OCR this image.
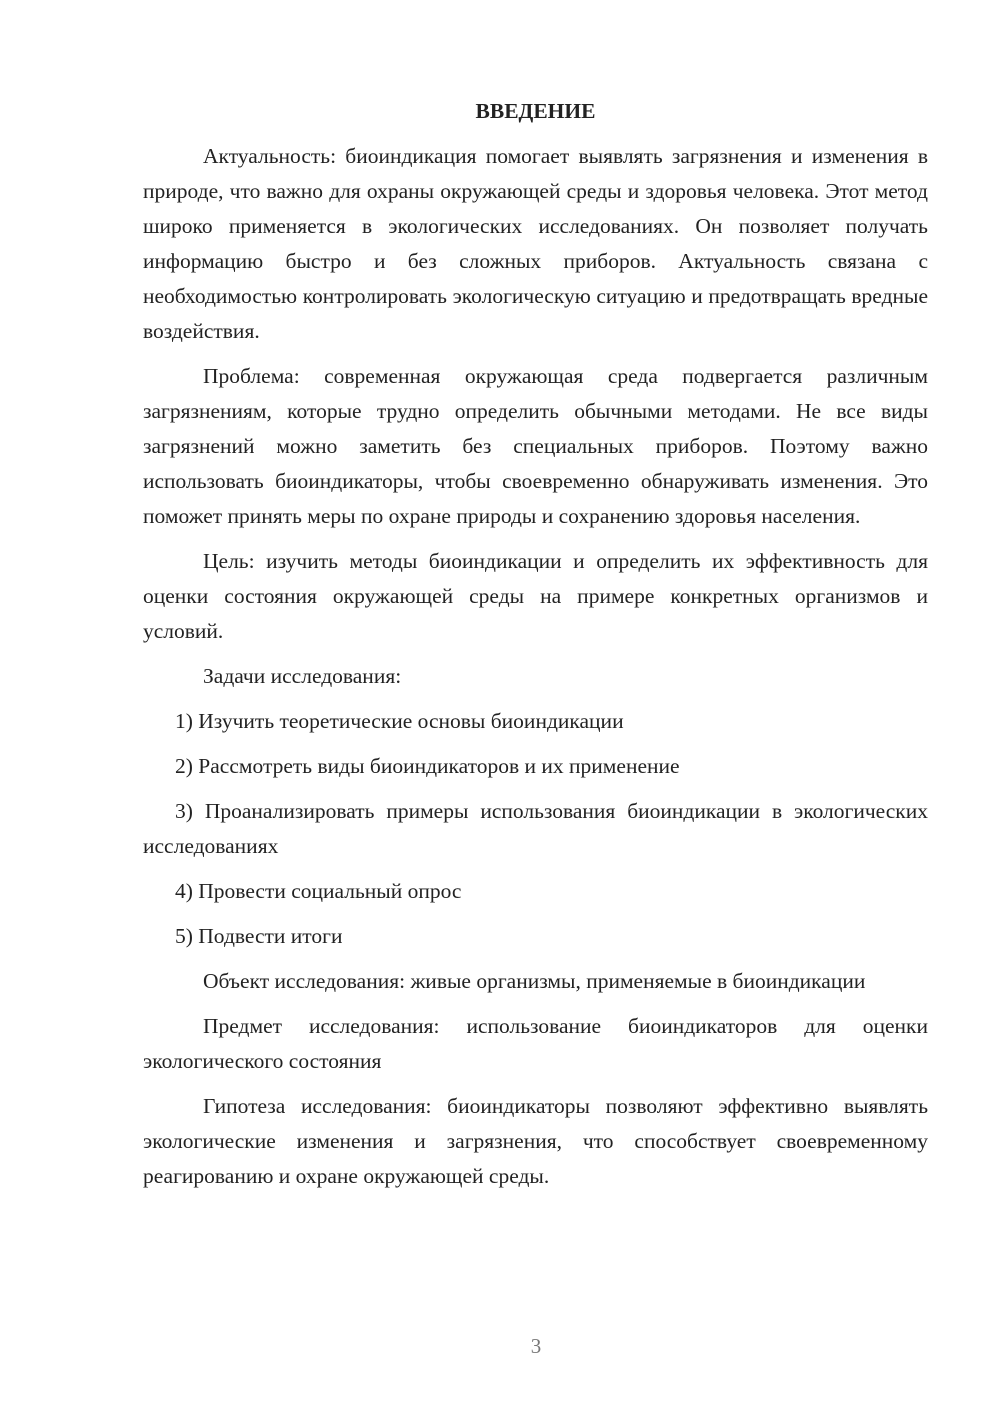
ВВЕДЕНИЕ

Актуальность: биоиндикация помогает выявлять загрязнения и изменения в природе, что важно для охраны окружающей среды и здоровья человека. Этот метод широко применяется в экологических исследованиях. Он позволяет получать информацию быстро и без сложных приборов. Актуальность связана с необходимостью контролировать экологическую ситуацию и предотвращать вредные воздействия.

Проблема: современная окружающая среда подвергается различным загрязнениям, которые трудно определить обычными методами. Не все виды загрязнений можно заметить без специальных приборов. Поэтому важно использовать биоиндикаторы, чтобы своевременно обнаруживать изменения. Это поможет принять меры по охране природы и сохранению здоровья населения.

Цель: изучить методы биоиндикации и определить их эффективность для оценки состояния окружающей среды на примере конкретных организмов и условий.

Задачи исследования:

1) Изучить теоретические основы биоиндикации

2) Рассмотреть виды биоиндикаторов и их применение

3) Проанализировать примеры использования биоиндикации в экологических исследованиях

4) Провести социальный опрос

5) Подвести итоги

Объект исследования: живые организмы, применяемые в биоиндикации

Предмет исследования: использование биоиндикаторов для оценки экологического состояния

Гипотеза исследования: биоиндикаторы позволяют эффективно выявлять экологические изменения и загрязнения, что способствует своевременному реагированию и охране окружающей среды.

3
